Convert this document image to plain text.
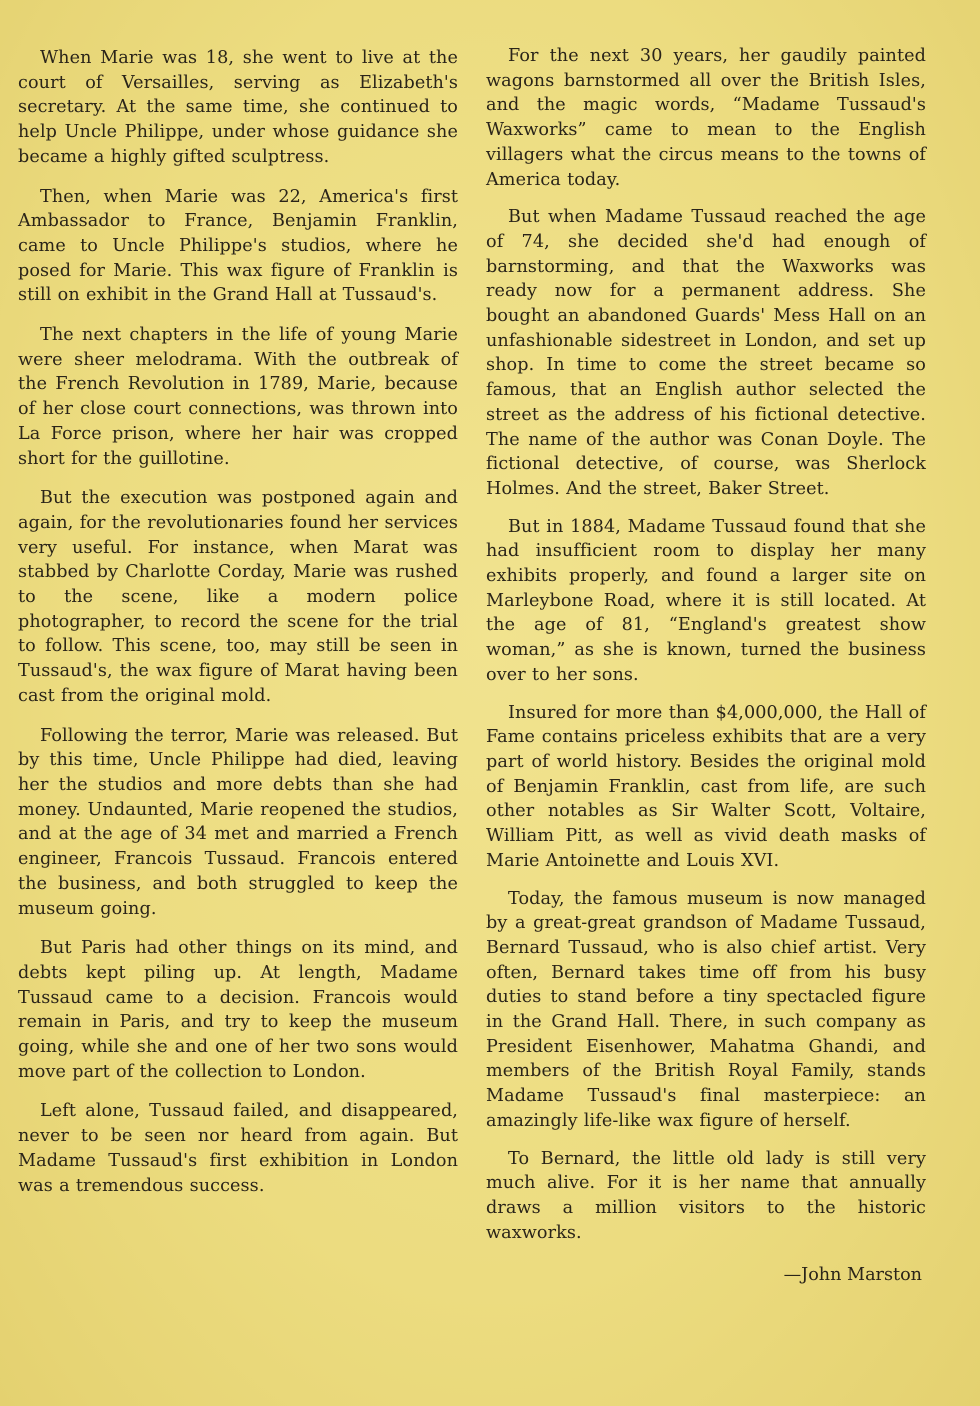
When Marie was 18, she went to live at the court of Versailles, serving as Elizabeth's secretary. At the same time, she continued to help Uncle Philippe, under whose guidance she became a highly gifted sculptress.

Then, when Marie was 22, America's first Ambassador to France, Benjamin Franklin, came to Uncle Philippe's studios, where he posed for Marie. This wax figure of Franklin is still on exhibit in the Grand Hall at Tussaud's.

The next chapters in the life of young Marie were sheer melodrama. With the outbreak of the French Revolution in 1789, Marie, because of her close court connections, was thrown into La Force prison, where her hair was cropped short for the guillotine.

But the execution was postponed again and again, for the revolutionaries found her services very useful. For instance, when Marat was stabbed by Charlotte Corday, Marie was rushed to the scene, like a modern police photographer, to record the scene for the trial to follow. This scene, too, may still be seen in Tussaud's, the wax figure of Marat having been cast from the original mold.

Following the terror, Marie was released. But by this time, Uncle Philippe had died, leaving her the studios and more debts than she had money. Undaunted, Marie reopened the studios, and at the age of 34 met and married a French engineer, Francois Tussaud. Francois entered the business, and both struggled to keep the museum going.

But Paris had other things on its mind, and debts kept piling up. At length, Madame Tussaud came to a decision. Francois would remain in Paris, and try to keep the museum going, while she and one of her two sons would move part of the collection to London.

Left alone, Tussaud failed, and disappeared, never to be seen nor heard from again. But Madame Tussaud's first exhibition in London was a tremendous success.

For the next 30 years, her gaudily painted wagons barnstormed all over the British Isles, and the magic words, “Madame Tussaud's Waxworks” came to mean to the English villagers what the circus means to the towns of America today.

But when Madame Tussaud reached the age of 74, she decided she'd had enough of barnstorming, and that the Waxworks was ready now for a permanent address. She bought an abandoned Guards' Mess Hall on an unfashionable sidestreet in London, and set up shop. In time to come the street became so famous, that an English author selected the street as the address of his fictional detective. The name of the author was Conan Doyle. The fictional detective, of course, was Sherlock Holmes. And the street, Baker Street.

But in 1884, Madame Tussaud found that she had insufficient room to display her many exhibits properly, and found a larger site on Marleybone Road, where it is still located. At the age of 81, “England's greatest show woman,” as she is known, turned the business over to her sons.

Insured for more than $4,000,000, the Hall of Fame contains priceless exhibits that are a very part of world history. Besides the original mold of Benjamin Franklin, cast from life, are such other notables as Sir Walter Scott, Voltaire, William Pitt, as well as vivid death masks of Marie Antoinette and Louis XVI.

Today, the famous museum is now managed by a great-great grandson of Madame Tussaud, Bernard Tussaud, who is also chief artist. Very often, Bernard takes time off from his busy duties to stand before a tiny spectacled figure in the Grand Hall. There, in such company as President Eisenhower, Mahatma Ghandi, and members of the British Royal Family, stands Madame Tussaud's final masterpiece: an amazingly life-like wax figure of herself.

To Bernard, the little old lady is still very much alive. For it is her name that annually draws a million visitors to the historic waxworks.

—John Marston
